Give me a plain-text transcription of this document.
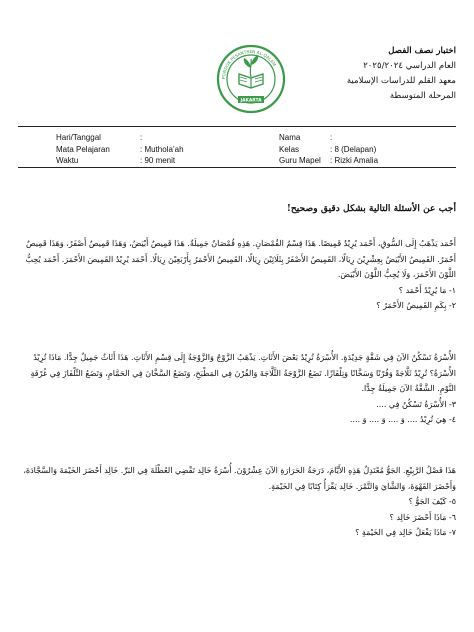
اختبار نصف الفصل
العام الدراسي ٢٠٢٥/٢٠٢٤
معهد القلم للدراسات الإسلامية
المرحلة المتوسطة
PONDOK PESANTREN AL-QALAM
JAKARTA
Hari/Tanggal	:
Mata Pelajaran	: Muthola’ah
Waktu	: 90 menit
Nama	:
Kelas	: 8 (Delapan)
Guru Mapel : Rizki Amalia
أجب عن الأسئلة التالية بشكل دقيق وصحيح!

أَحْمَد يَذْهَبُ إِلَى السُّوقِ، أَحْمَد يُرِيْدُ قَمِيصًا. هَذَا قِسْمُ القُمْصَانِ. هَذِهِ قُمْصَانٌ جَمِيلَةٌ. هَذَا قَمِيصٌ أَبْيَضُ، وَهَذَا قَمِيصٌ أَصْفَرُ، وَهَذَا قَمِيصٌ أَحْمَرُ. القَمِيصُ الأَبْيَضُ بِعِشْرِيْنَ رِيَالًا، القَمِيصُ الأَصْفَرُ بِثَلَاثِيْنَ رِيَالًا، القَمِيصُ الأَحْمَرُ بِأَرْبَعِيْنَ رِيَالًا. أَحْمَد يُرِيْدُ القَمِيصَ الأَحْمَرَ. أَحْمَد يُحِبُّ اللَّوْنَ الأَحْمَرَ، وَلَا يُحِبُّ اللَّوْنَ الأَبْيَضَ.

١- مَا يُرِيْدُ أَحْمَد ؟

٢- بِكَمِ القَمِيصُ الأَحْمَرُ ؟

الأُسْرَةُ تَسْكُنُ الآنَ فِي شَقَّةٍ جَدِيْدَةٍ. الأُسْرَةُ تُرِيْدُ بَعْضَ الأَثَاثِ. يَذْهَبُ الزَّوْجُ وَالزَّوْجَةُ إِلَى قِسْمِ الأَثَاثِ. هَذَا أَثَاثٌ جَمِيلٌ جِدًّا. مَاذَا تُرِيْدُ الأُسْرَةُ؟ تُرِيْدُ ثَلَّاجَةً وَفُرْنًا وَسَخَّانًا وَتِلْفَازًا. تَضَعُ الزَّوْجَةُ الثَّلَّاجَةَ وَالفُرْنَ فِي المَطْبَخِ، وَتَضَعُ السَّخَّانَ فِي الحَمَّامِ، وَتَضَعُ التِّلْفَازَ فِي غُرْفَةِ النَّوْمِ. الشَّقَّةُ الآنَ جَمِيلَةٌ جِدًّا.

٣- الأُسْرَةُ تَسْكُنُ فِي ....

٤- هِيَ تُرِيْدُ .... وَ .... وَ .... وَ ....

هَذَا فَصْلُ الرَّبِيْعِ. الجَوُّ مُعْتَدِلٌ هَذِهِ الأَيَّامَ، دَرَجَةُ الحَرَارَةِ الآنَ عِشْرُوْنَ. أُسْرَةُ خَالِد تَقْضِي العُطْلَةَ فِي البَرِّ. خَالِد أَحْضَرَ الخَيْمَةَ وَالسَّجَّادَةَ، وَأَحْضَرَ القَهْوَةَ، وَالشَّايَ وَالتَّمْرَ. خَالِد يَقْرَأُ كِتَابًا فِي الخَيْمَةِ.

٥- كَيْفَ الجَوُّ ؟

٦- مَاذَا أَحْضَرَ خَالِد ؟

٧- مَاذَا يَفْعَلُ خَالِد فِي الخَيْمَةِ ؟
